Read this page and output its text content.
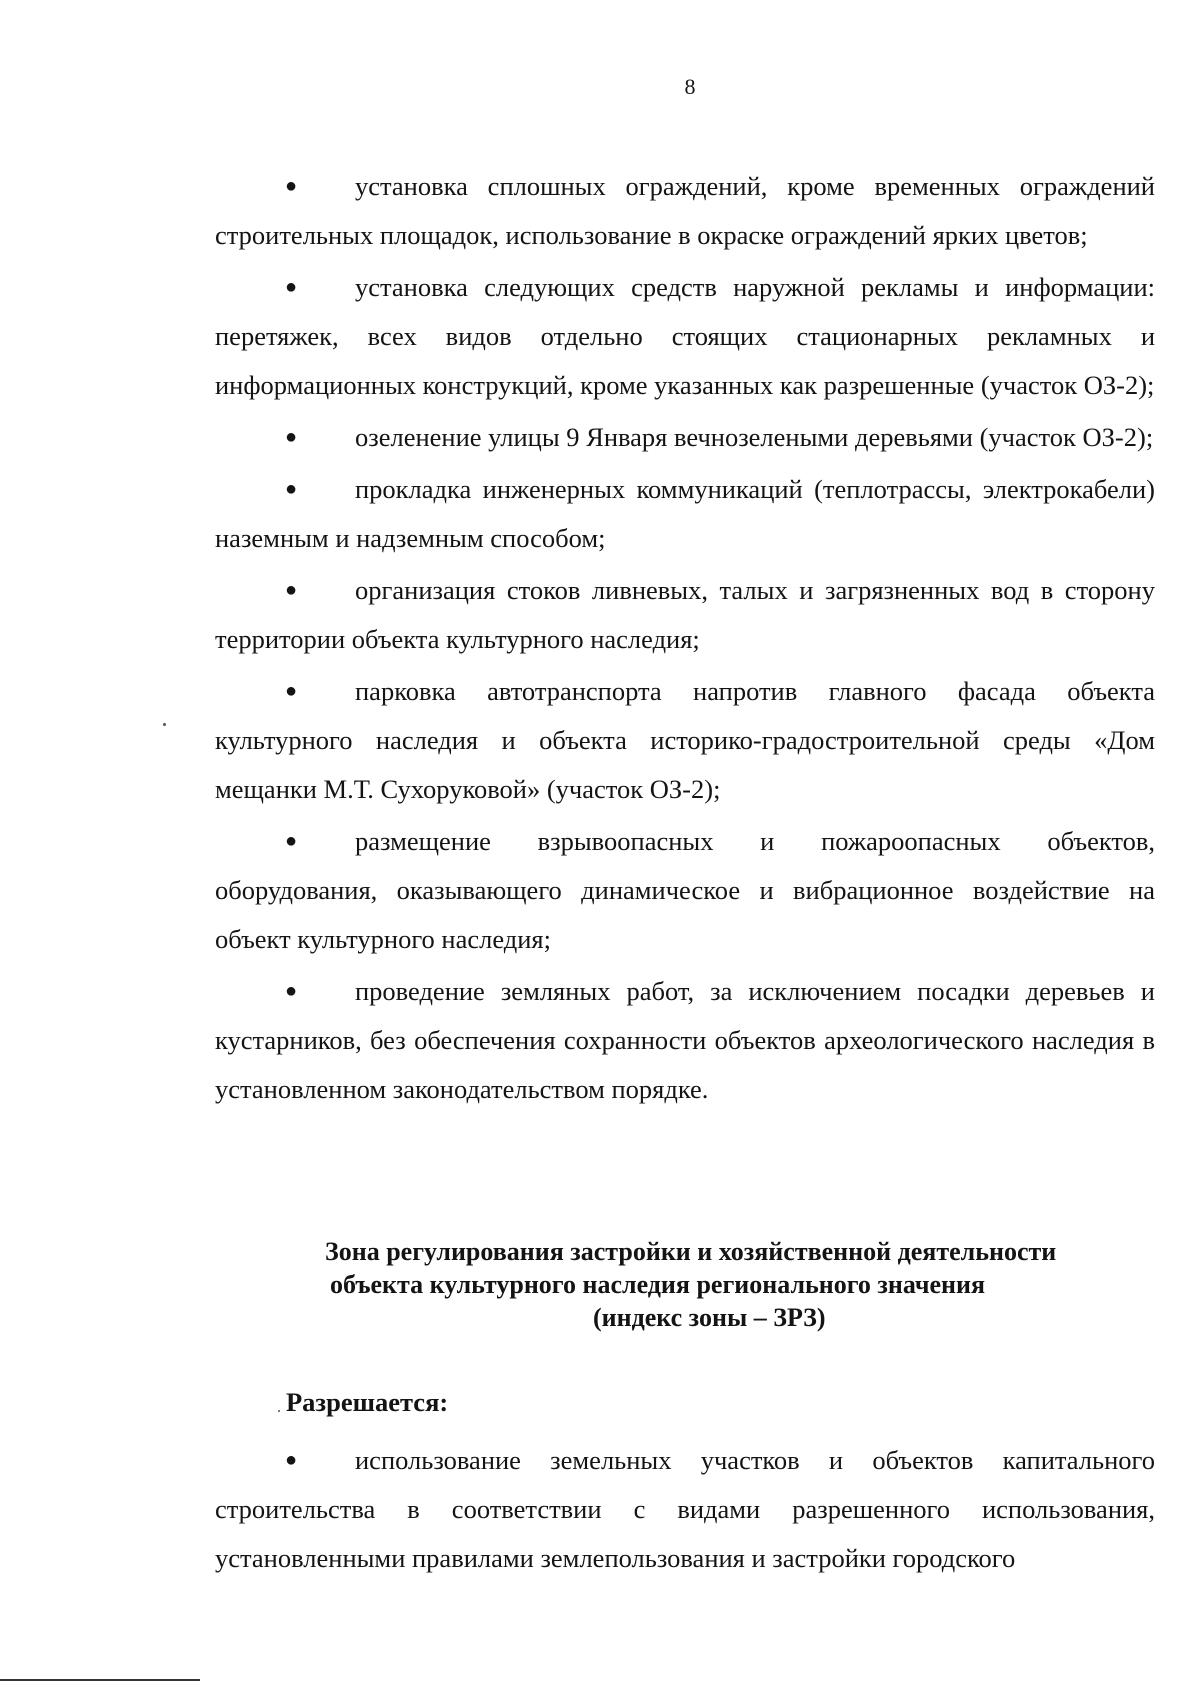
8

● установка сплошных ограждений, кроме временных ограждений строительных площадок, использование в окраске ограждений ярких цветов;

● установка следующих средств наружной рекламы и информации: перетяжек, всех видов отдельно стоящих стационарных рекламных и информационных конструкций, кроме указанных как разрешенные (участок ОЗ-2);

● озеленение улицы 9 Января вечнозелеными деревьями (участок ОЗ-2);

● прокладка инженерных коммуникаций (теплотрассы, электрокабели) наземным и надземным способом;

● организация стоков ливневых, талых и загрязненных вод в сторону территории объекта культурного наследия;

● парковка автотранспорта напротив главного фасада объекта культурного наследия и объекта историко-градостроительной среды «Дом мещанки М.Т. Сухоруковой» (участок ОЗ-2);

● размещение взрывоопасных и пожароопасных объектов, оборудования, оказывающего динамическое и вибрационное воздействие на объект культурного наследия;

● проведение земляных работ, за исключением посадки деревьев и кустарников, без обеспечения сохранности объектов археологического наследия в установленном законодательством порядке.

Зона регулирования застройки и хозяйственной деятельности
объекта культурного наследия регионального значения
(индекс зоны – ЗРЗ)
Разрешается:

● использование земельных участков и объектов капитального строительства в соответствии с видами разрешенного использования, установленными правилами землепользования и застройки городского
